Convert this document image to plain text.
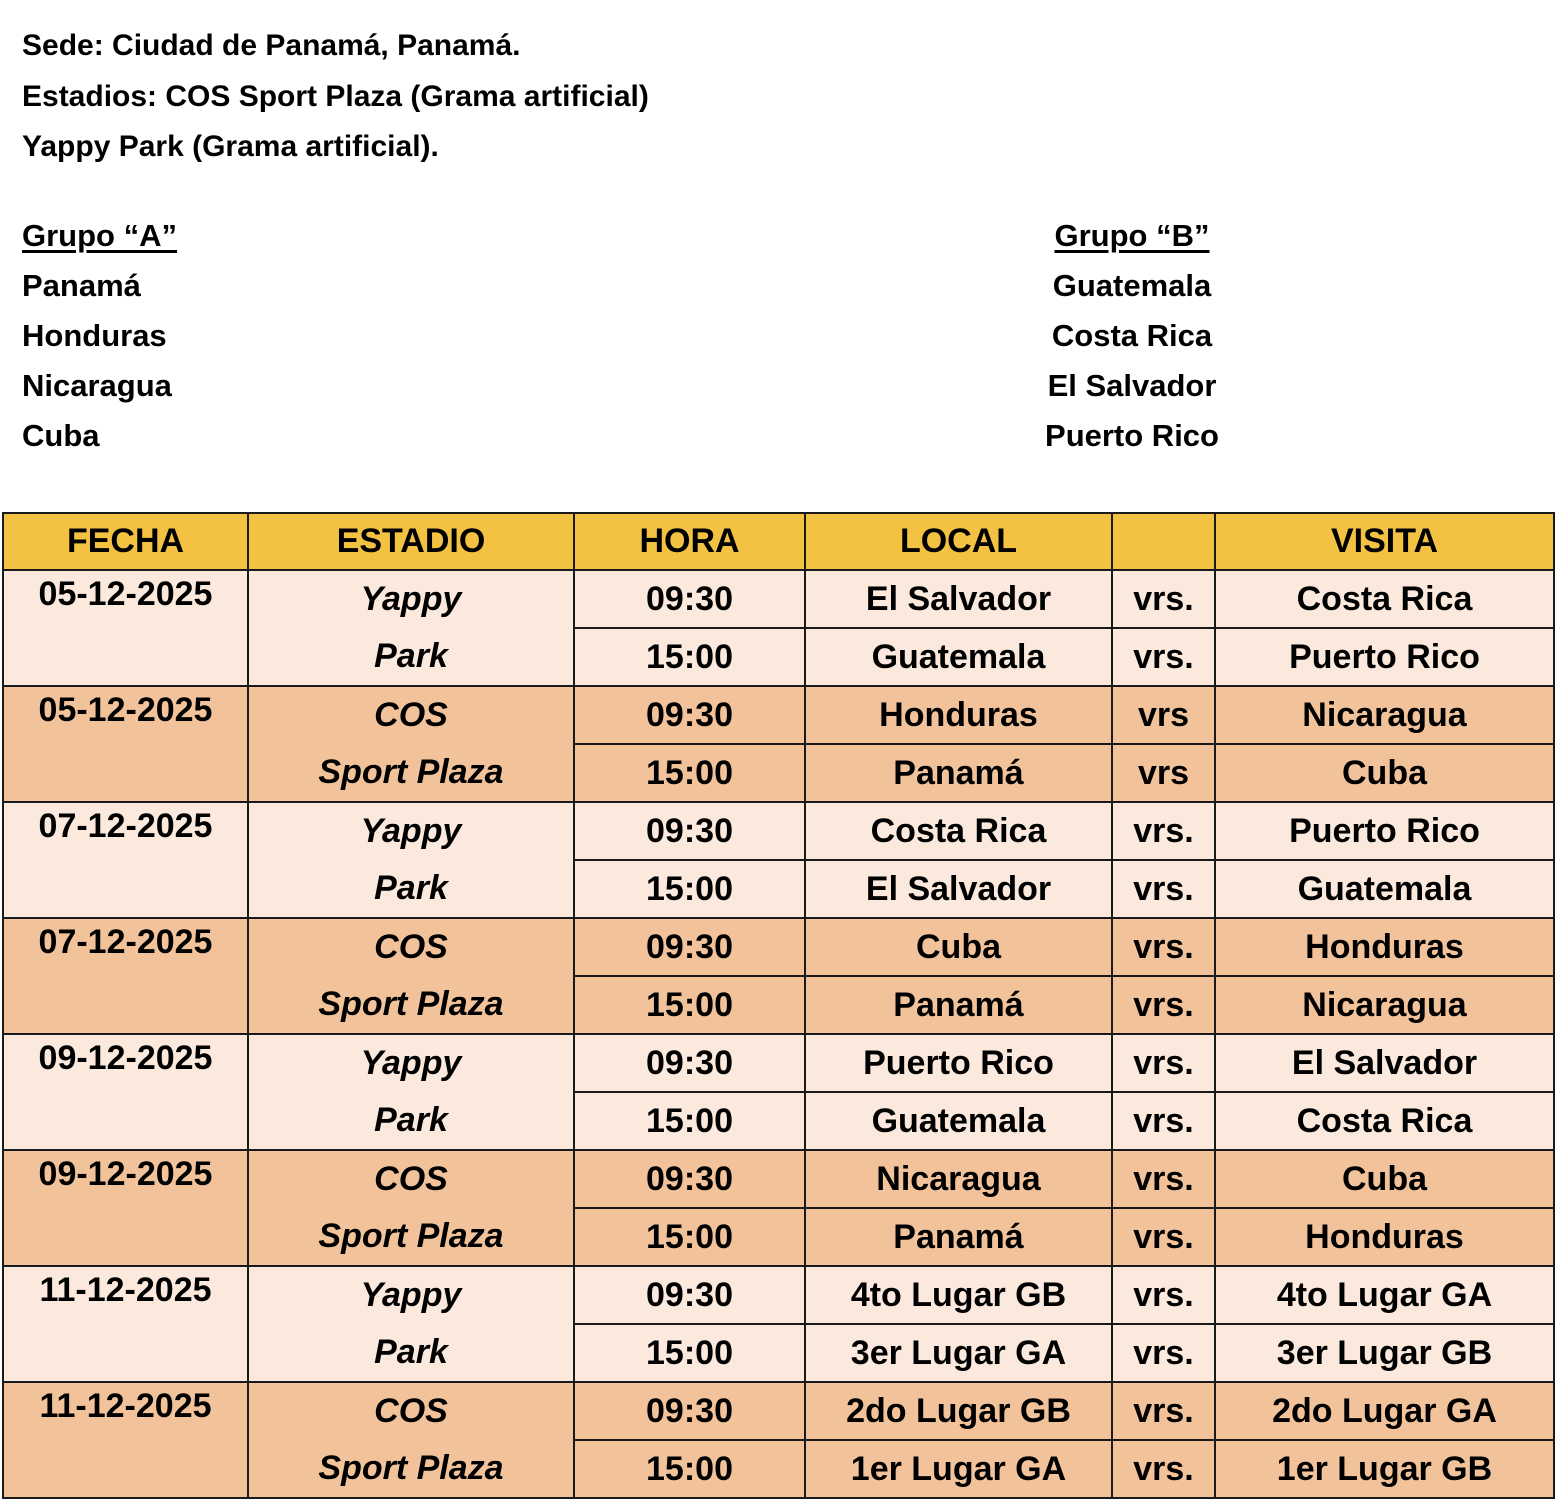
Sede: Ciudad de Panamá, Panamá.
Estadios: COS Sport Plaza (Grama artificial)
Yappy Park (Grama artificial).
Grupo “A”
Panamá
Honduras
Nicaragua
Cuba
Grupo “B”
Guatemala
Costa Rica
El Salvador
Puerto Rico
FECHA	ESTADIO	HORA	LOCAL		VISITA
05-12-2025	Yappy	09:30	El Salvador	vrs.	Costa Rica
	Park	15:00	Guatemala	vrs.	Puerto Rico
05-12-2025	COS	09:30	Honduras	vrs	Nicaragua
	Sport Plaza	15:00	Panamá	vrs	Cuba
07-12-2025	Yappy	09:30	Costa Rica	vrs.	Puerto Rico
	Park	15:00	El Salvador	vrs.	Guatemala
07-12-2025	COS	09:30	Cuba	vrs.	Honduras
	Sport Plaza	15:00	Panamá	vrs.	Nicaragua
09-12-2025	Yappy	09:30	Puerto Rico	vrs.	El Salvador
	Park	15:00	Guatemala	vrs.	Costa Rica
09-12-2025	COS	09:30	Nicaragua	vrs.	Cuba
	Sport Plaza	15:00	Panamá	vrs.	Honduras
11-12-2025	Yappy	09:30	4to Lugar GB	vrs.	4to Lugar GA
	Park	15:00	3er Lugar GA	vrs.	3er Lugar GB
11-12-2025	COS	09:30	2do Lugar GB	vrs.	2do Lugar GA
	Sport Plaza	15:00	1er Lugar GA	vrs.	1er Lugar GB
